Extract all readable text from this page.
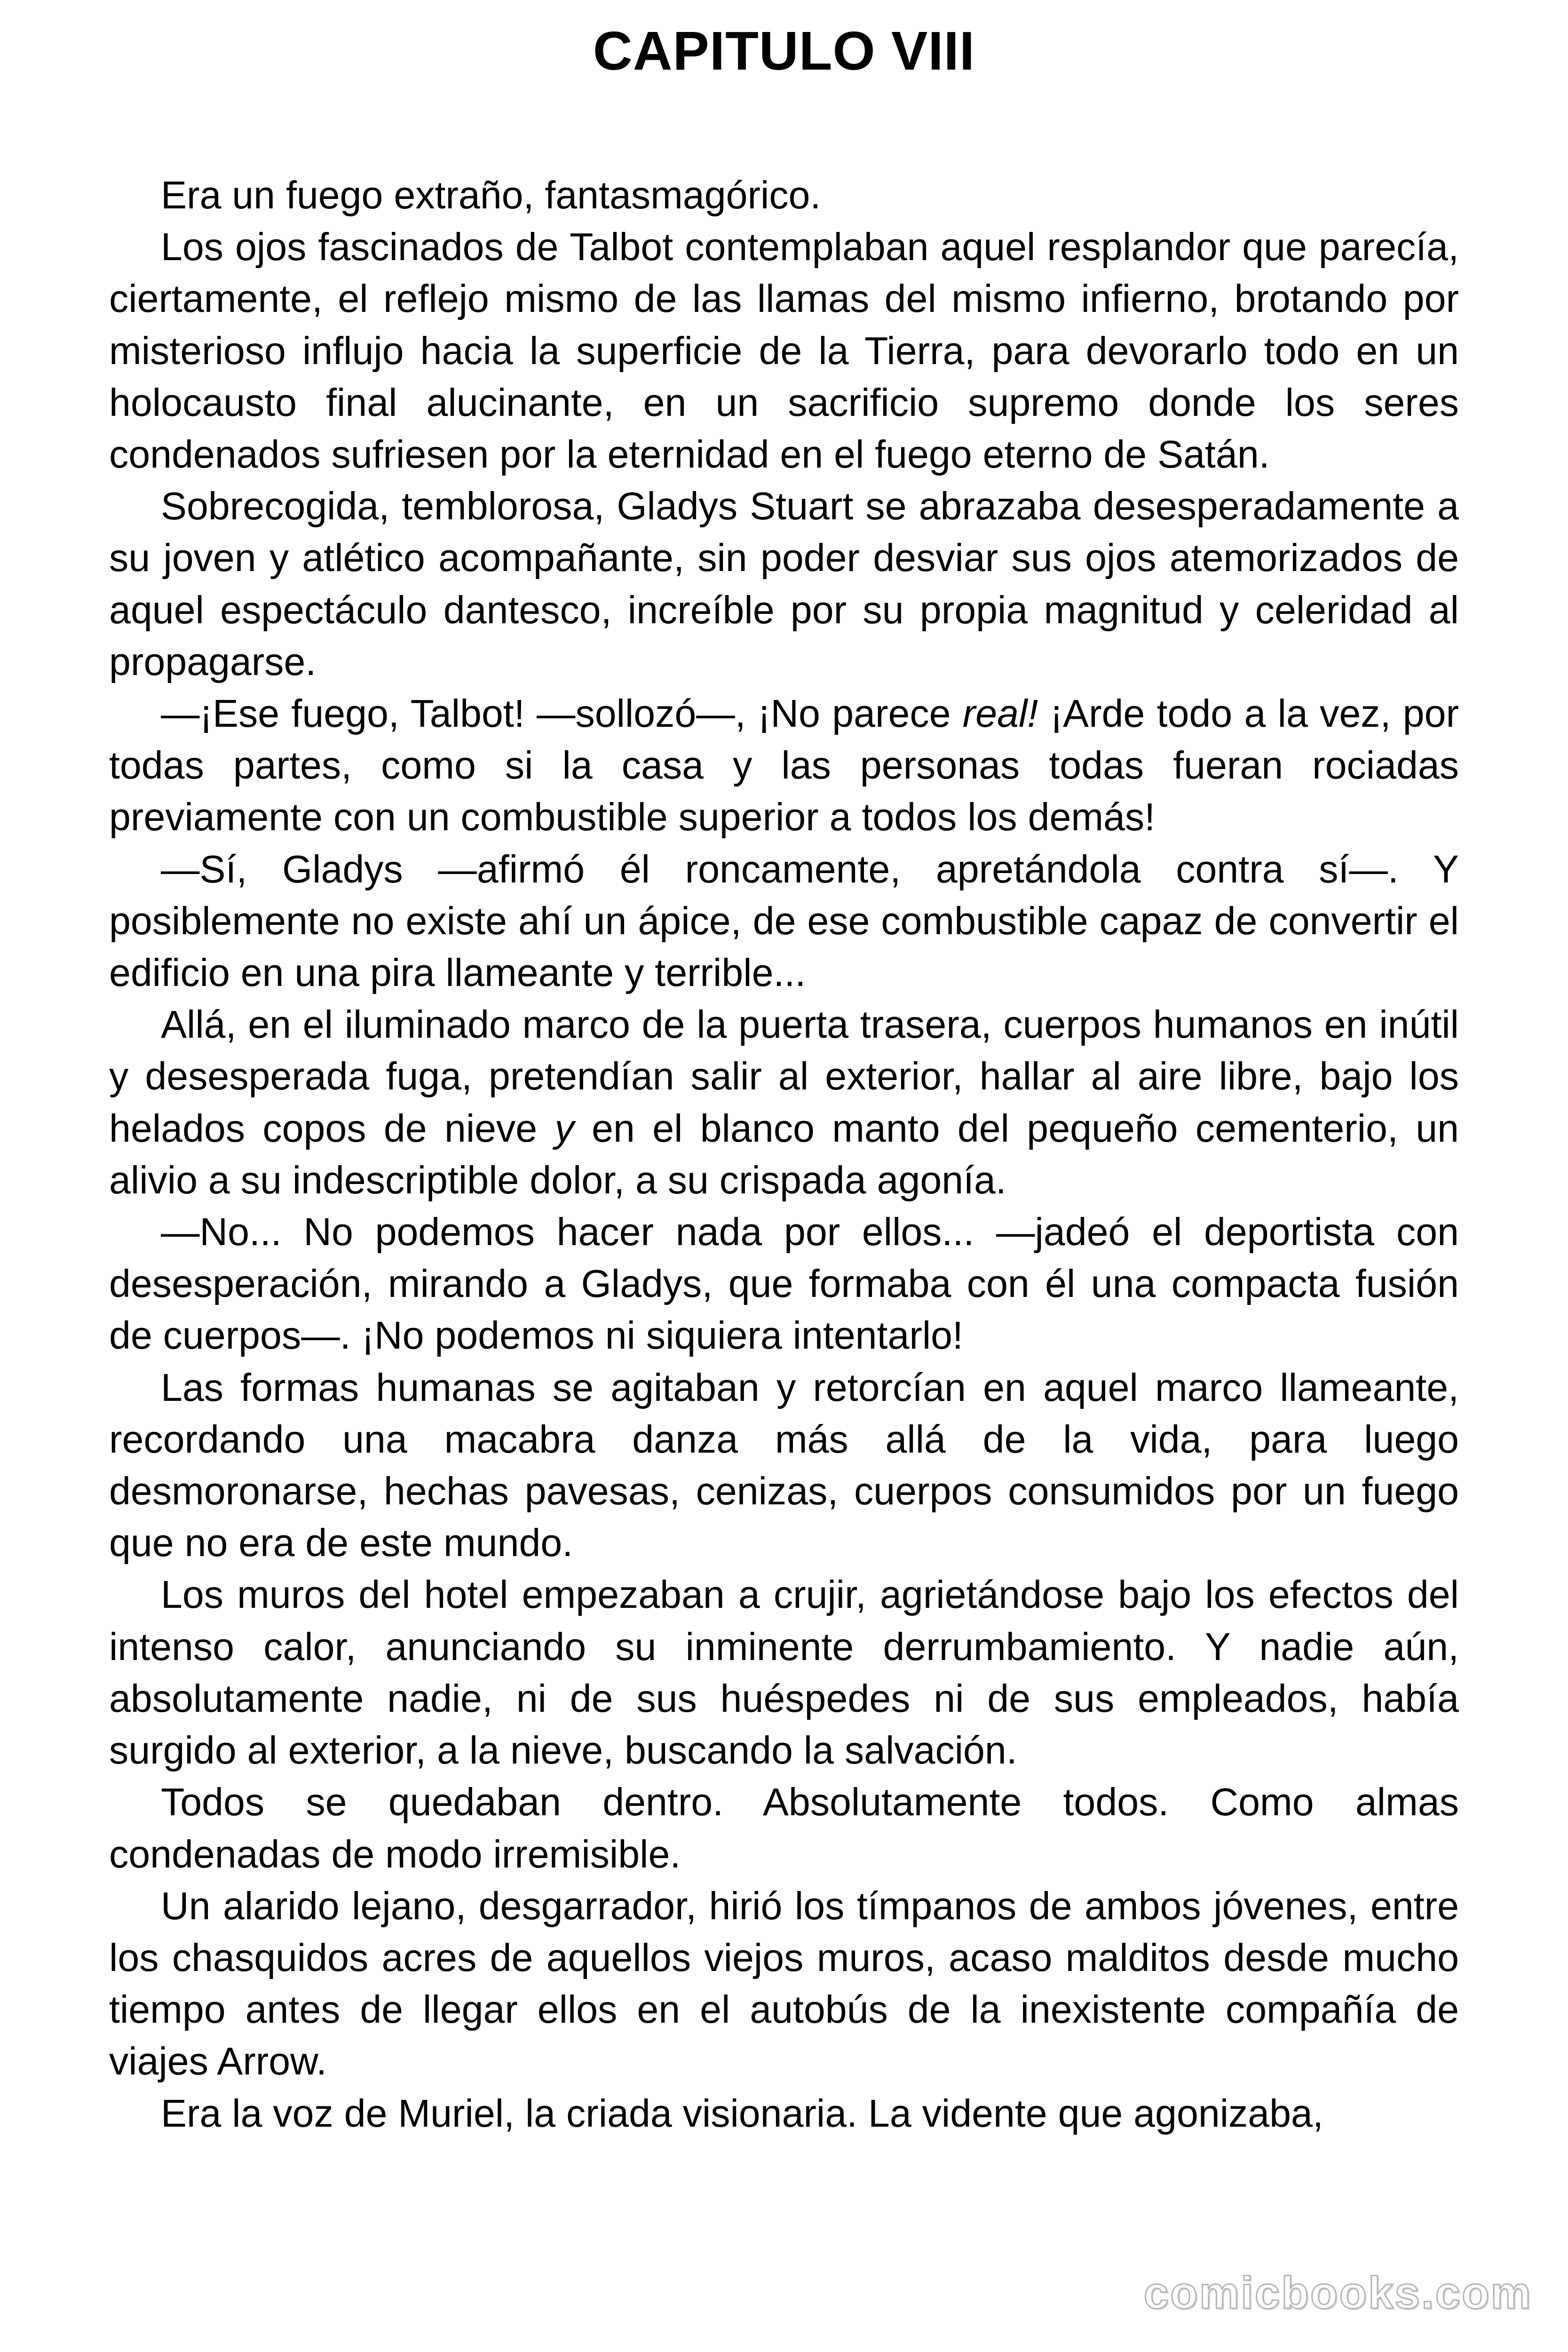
CAPITULO VIII

Era un fuego extraño, fantasmagórico.

Los ojos fascinados de Talbot contemplaban aquel resplandor que parecía, ciertamente, el reflejo mismo de las llamas del mismo infierno, brotando por misterioso influjo hacia la superficie de la Tierra, para devorarlo todo en un holocausto final alucinante, en un sacrificio supremo donde los seres condenados sufriesen por la eternidad en el fuego eterno de Satán.

Sobrecogida, temblorosa, Gladys Stuart se abrazaba desesperadamente a su joven y atlético acompañante, sin poder desviar sus ojos atemorizados de aquel espectáculo dantesco, increíble por su propia magnitud y celeridad al propagarse.

—¡Ese fuego, Talbot! —sollozó—, ¡No parece real! ¡Arde todo a la vez, por todas partes, como si la casa y las personas todas fueran rociadas previamente con un combustible superior a todos los demás!

—Sí, Gladys —afirmó él roncamente, apretándola contra sí—. Y posiblemente no existe ahí un ápice, de ese combustible capaz de convertir el edificio en una pira llameante y terrible...

Allá, en el iluminado marco de la puerta trasera, cuerpos humanos en inútil y desesperada fuga, pretendían salir al exterior, hallar al aire libre, bajo los helados copos de nieve y en el blanco manto del pequeño cementerio, un alivio a su indescriptible dolor, a su crispada agonía.

—No... No podemos hacer nada por ellos... —jadeó el deportista con desesperación, mirando a Gladys, que formaba con él una compacta fusión de cuerpos—. ¡No podemos ni siquiera intentarlo!

Las formas humanas se agitaban y retorcían en aquel marco llameante, recordando una macabra danza más allá de la vida, para luego desmoronarse, hechas pavesas, cenizas, cuerpos consumidos por un fuego que no era de este mundo.

Los muros del hotel empezaban a crujir, agrietándose bajo los efectos del intenso calor, anunciando su inminente derrumbamiento. Y nadie aún, absolutamente nadie, ni de sus huéspedes ni de sus empleados, había surgido al exterior, a la nieve, buscando la salvación.

Todos se quedaban dentro. Absolutamente todos. Como almas condenadas de modo irremisible.

Un alarido lejano, desgarrador, hirió los tímpanos de ambos jóvenes, entre los chasquidos acres de aquellos viejos muros, acaso malditos desde mucho tiempo antes de llegar ellos en el autobús de la inexistente compañía de viajes Arrow.

Era la voz de Muriel, la criada visionaria. La vidente que agonizaba,

comicbooks.com
